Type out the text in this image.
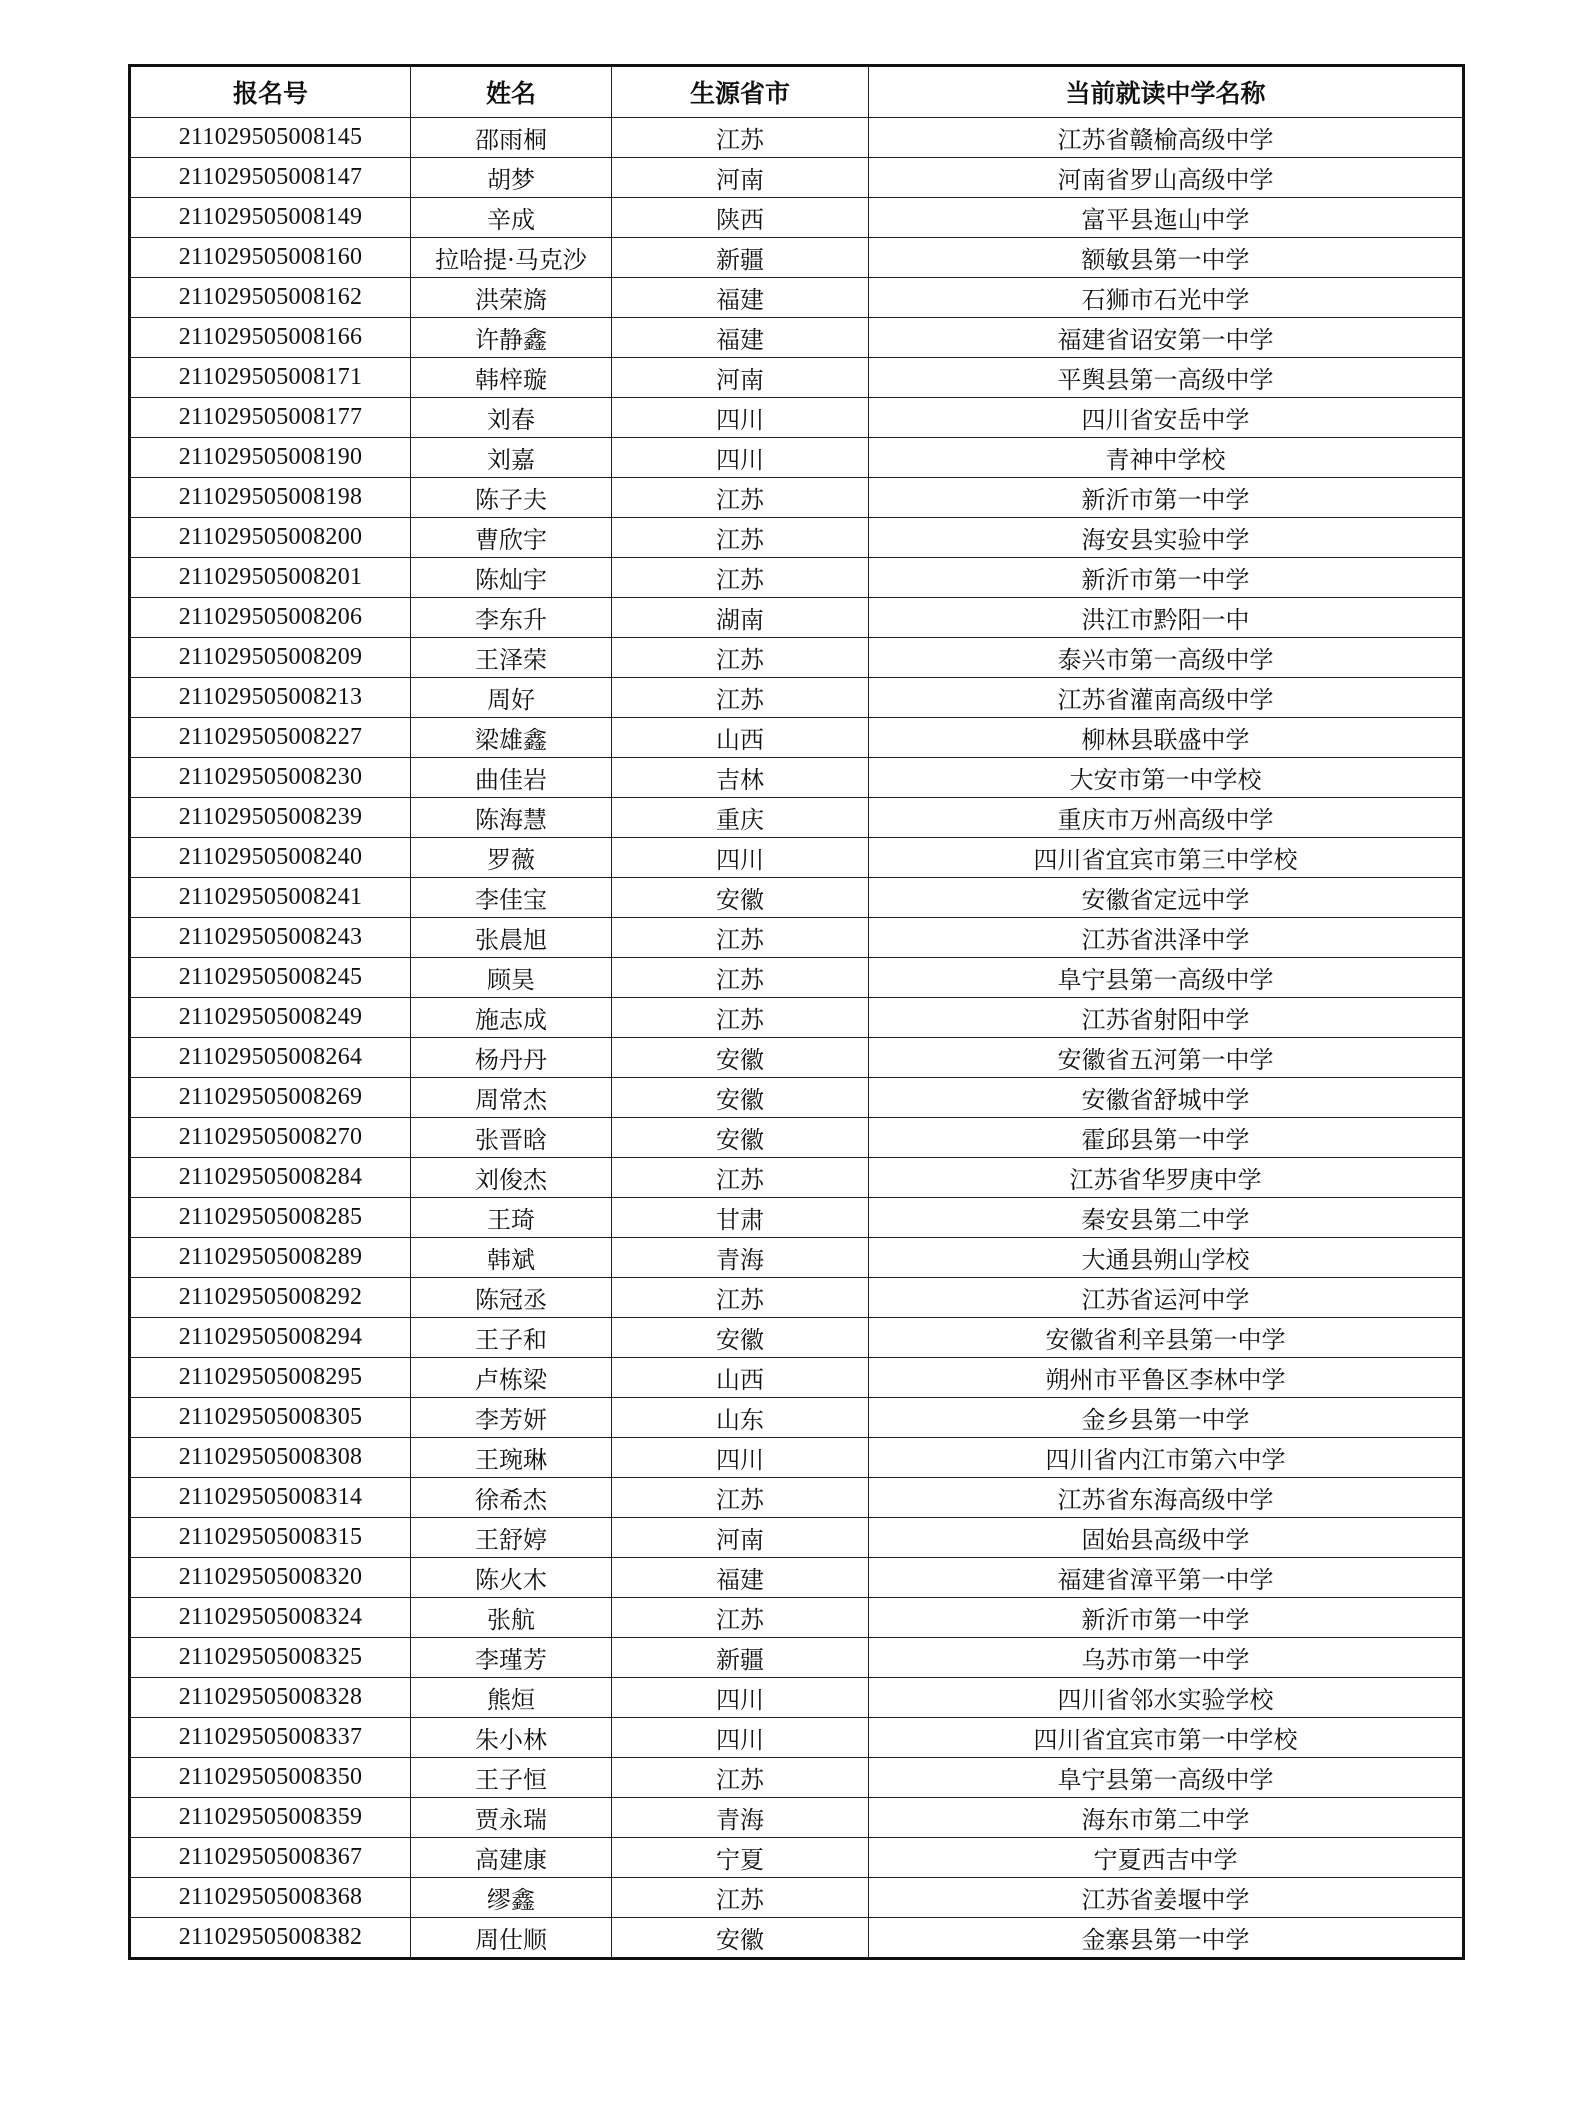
报名号	姓名	生源省市	当前就读中学名称
211029505008145	邵雨桐	江苏	江苏省赣榆高级中学
211029505008147	胡梦	河南	河南省罗山高级中学
211029505008149	辛成	陕西	富平县迤山中学
211029505008160	拉哈提·马克沙	新疆	额敏县第一中学
211029505008162	洪荣旖	福建	石狮市石光中学
211029505008166	许静鑫	福建	福建省诏安第一中学
211029505008171	韩梓璇	河南	平舆县第一高级中学
211029505008177	刘春	四川	四川省安岳中学
211029505008190	刘嘉	四川	青神中学校
211029505008198	陈子夫	江苏	新沂市第一中学
211029505008200	曹欣宇	江苏	海安县实验中学
211029505008201	陈灿宇	江苏	新沂市第一中学
211029505008206	李东升	湖南	洪江市黔阳一中
211029505008209	王泽荣	江苏	泰兴市第一高级中学
211029505008213	周好	江苏	江苏省灌南高级中学
211029505008227	梁雄鑫	山西	柳林县联盛中学
211029505008230	曲佳岩	吉林	大安市第一中学校
211029505008239	陈海慧	重庆	重庆市万州高级中学
211029505008240	罗薇	四川	四川省宜宾市第三中学校
211029505008241	李佳宝	安徽	安徽省定远中学
211029505008243	张晨旭	江苏	江苏省洪泽中学
211029505008245	顾昊	江苏	阜宁县第一高级中学
211029505008249	施志成	江苏	江苏省射阳中学
211029505008264	杨丹丹	安徽	安徽省五河第一中学
211029505008269	周常杰	安徽	安徽省舒城中学
211029505008270	张晋晗	安徽	霍邱县第一中学
211029505008284	刘俊杰	江苏	江苏省华罗庚中学
211029505008285	王琦	甘肃	秦安县第二中学
211029505008289	韩斌	青海	大通县朔山学校
211029505008292	陈冠丞	江苏	江苏省运河中学
211029505008294	王子和	安徽	安徽省利辛县第一中学
211029505008295	卢栋梁	山西	朔州市平鲁区李林中学
211029505008305	李芳妍	山东	金乡县第一中学
211029505008308	王琬琳	四川	四川省内江市第六中学
211029505008314	徐希杰	江苏	江苏省东海高级中学
211029505008315	王舒婷	河南	固始县高级中学
211029505008320	陈火木	福建	福建省漳平第一中学
211029505008324	张航	江苏	新沂市第一中学
211029505008325	李瑾芳	新疆	乌苏市第一中学
211029505008328	熊烜	四川	四川省邻水实验学校
211029505008337	朱小林	四川	四川省宜宾市第一中学校
211029505008350	王子恒	江苏	阜宁县第一高级中学
211029505008359	贾永瑞	青海	海东市第二中学
211029505008367	高建康	宁夏	宁夏西吉中学
211029505008368	缪鑫	江苏	江苏省姜堰中学
211029505008382	周仕顺	安徽	金寨县第一中学
